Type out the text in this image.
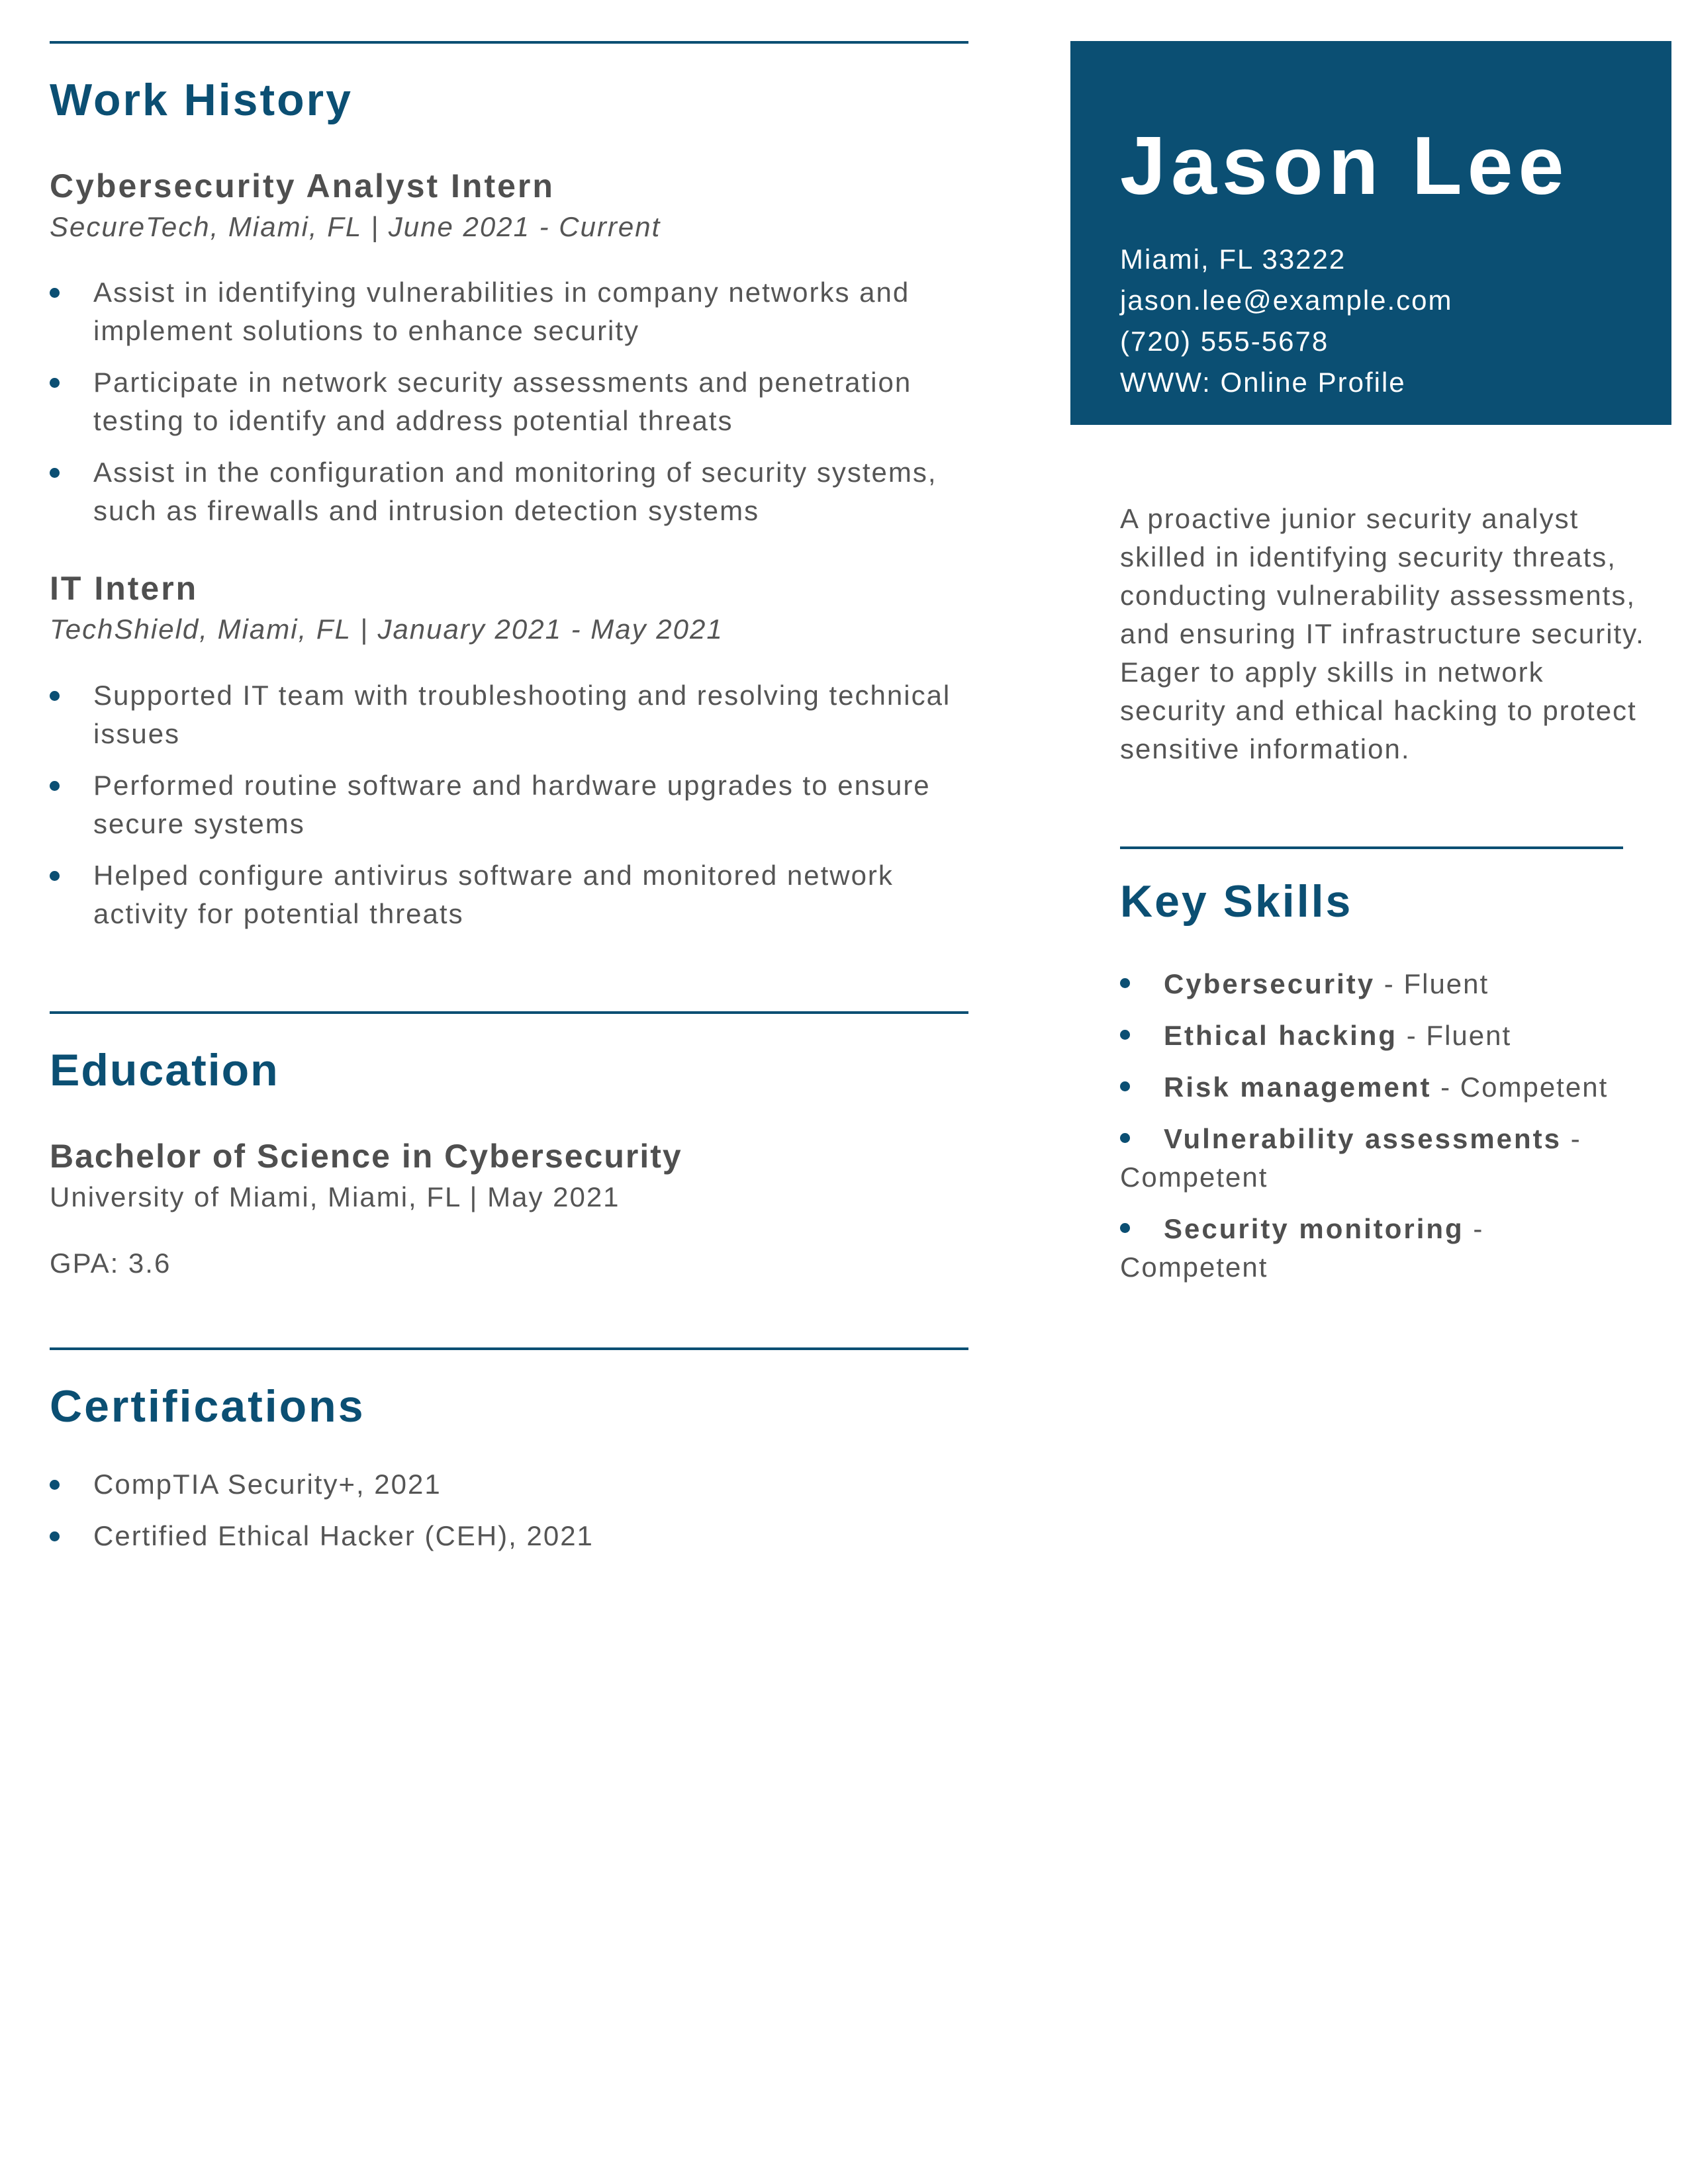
Work History
Cybersecurity Analyst Intern

SecureTech, Miami, FL | June 2021 - Current

Assist in identifying vulnerabilities in company networks and implement solutions to enhance security
Participate in network security assessments and penetration testing to identify and address potential threats
Assist in the configuration and monitoring of security systems, such as firewalls and intrusion detection systems
IT Intern

TechShield, Miami, FL | January 2021 - May 2021

Supported IT team with troubleshooting and resolving technical issues
Performed routine software and hardware upgrades to ensure secure systems
Helped configure antivirus software and monitored network activity for potential threats
Education
Bachelor of Science in Cybersecurity

University of Miami, Miami, FL | May 2021

GPA: 3.6

Certifications
CompTIA Security+, 2021
Certified Ethical Hacker (CEH), 2021
Jason Lee
Miami, FL 33222
jason.lee@example.com
(720) 555-5678
WWW: Online Profile

A proactive junior security analyst skilled in identifying security threats, conducting vulnerability assessments, and ensuring IT infrastructure security. Eager to apply skills in network security and ethical hacking to protect sensitive information.

Key Skills
Cybersecurity - Fluent
Ethical hacking - Fluent
Risk management - Competent
Vulnerability assessments - Competent
Security monitoring - Competent
